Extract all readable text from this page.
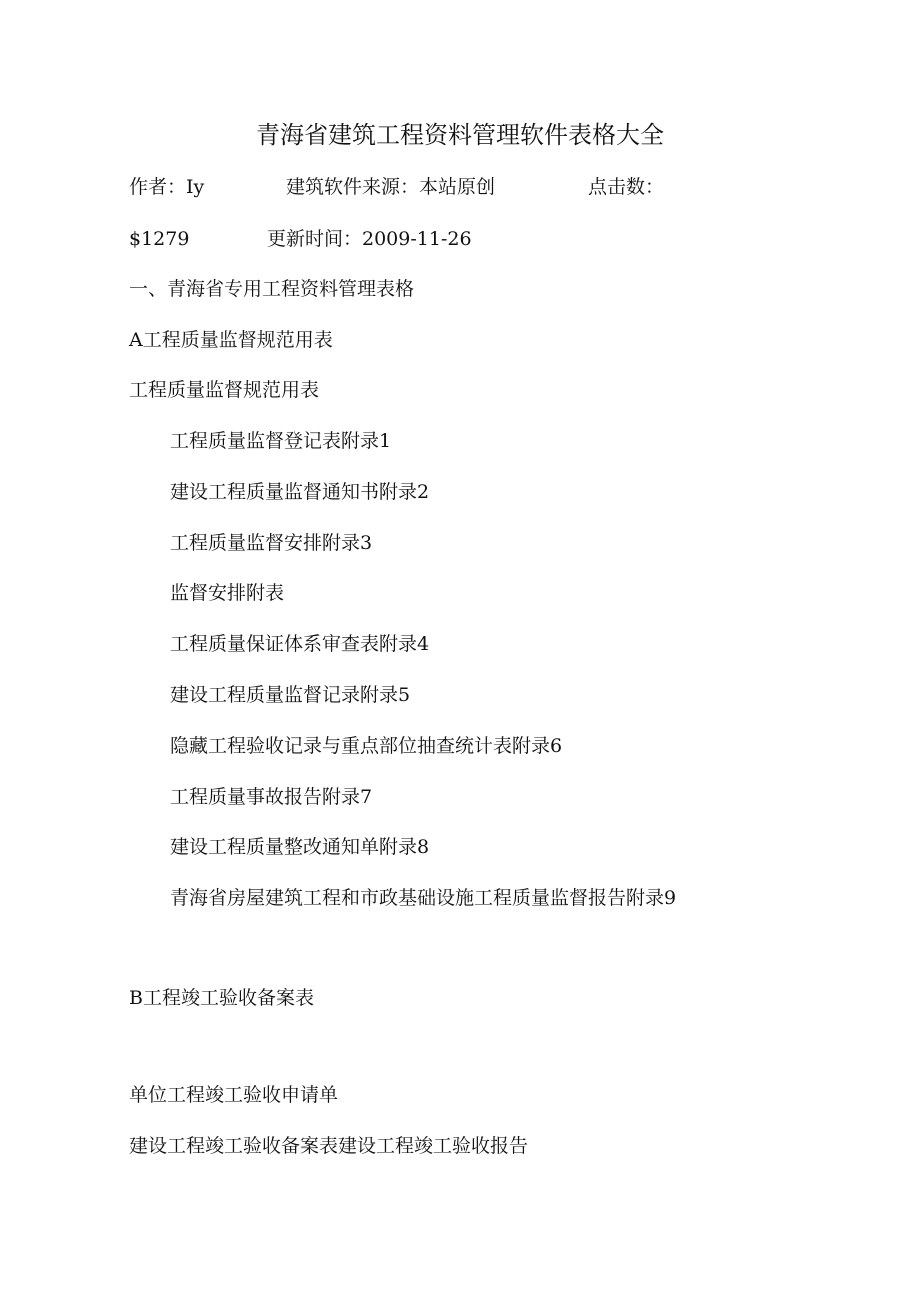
青海省建筑工程资料管理软件表格大全
作者：Iy	建筑软件来源：本站原创	点击数：
$1279	更新时间：2009-11-26
一、青海省专用工程资料管理表格
A工程质量监督规范用表
工程质量监督规范用表
工程质量监督登记表附录1
建设工程质量监督通知书附录2
工程质量监督安排附录3
监督安排附表
工程质量保证体系审查表附录4
建设工程质量监督记录附录5
隐藏工程验收记录与重点部位抽查统计表附录6
工程质量事故报告附录7
建设工程质量整改通知单附录8
青海省房屋建筑工程和市政基础设施工程质量监督报告附录9
B工程竣工验收备案表
单位工程竣工验收申请单
建设工程竣工验收备案表建设工程竣工验收报告
